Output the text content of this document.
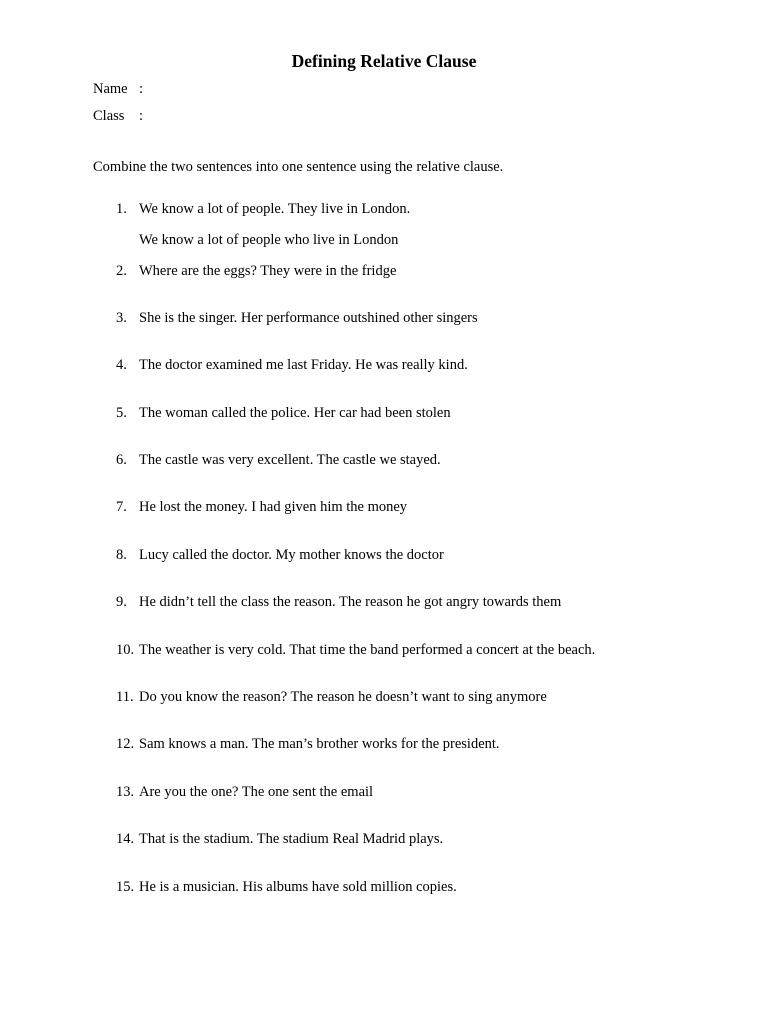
Defining Relative Clause
Name :
Class :
Combine the two sentences into one sentence using the relative clause.
1. We know a lot of people. They live in London.
We know a lot of people who live in London
2. Where are the eggs? They were in the fridge
3. She is the singer. Her performance outshined other singers
4. The doctor examined me last Friday. He was really kind.
5. The woman called the police. Her car had been stolen
6. The castle was very excellent. The castle we stayed.
7. He lost the money. I had given him the money
8. Lucy called the doctor. My mother knows the doctor
9. He didn’t tell the class the reason. The reason he got angry towards them
10. The weather is very cold. That time the band performed a concert at the beach.
11. Do you know the reason? The reason he doesn’t want to sing anymore
12. Sam knows a man. The man’s brother works for the president.
13. Are you the one? The one sent the email
14. That is the stadium. The stadium Real Madrid plays.
15. He is a musician. His albums have sold million copies.
